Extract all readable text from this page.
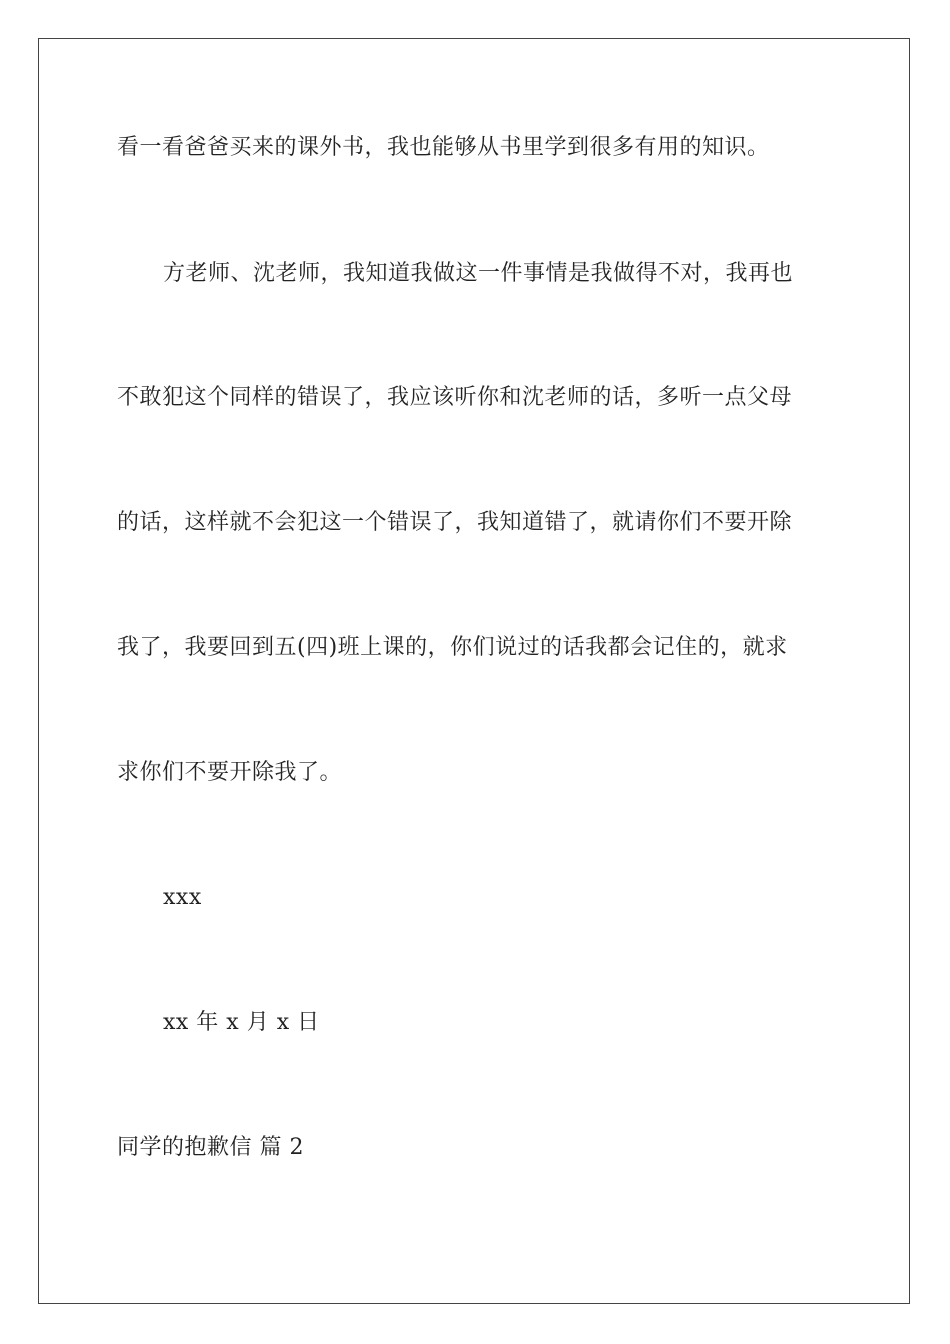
看一看爸爸买来的课外书，我也能够从书里学到很多有用的知识。
方老师、沈老师，我知道我做这一件事情是我做得不对，我再也
不敢犯这个同样的错误了，我应该听你和沈老师的话，多听一点父母
的话，这样就不会犯这一个错误了，我知道错了，就请你们不要开除
我了，我要回到五(四)班上课的，你们说过的话我都会记住的，就求
求你们不要开除我了。
xxx
xx 年 x 月 x 日
同学的抱歉信 篇 2
